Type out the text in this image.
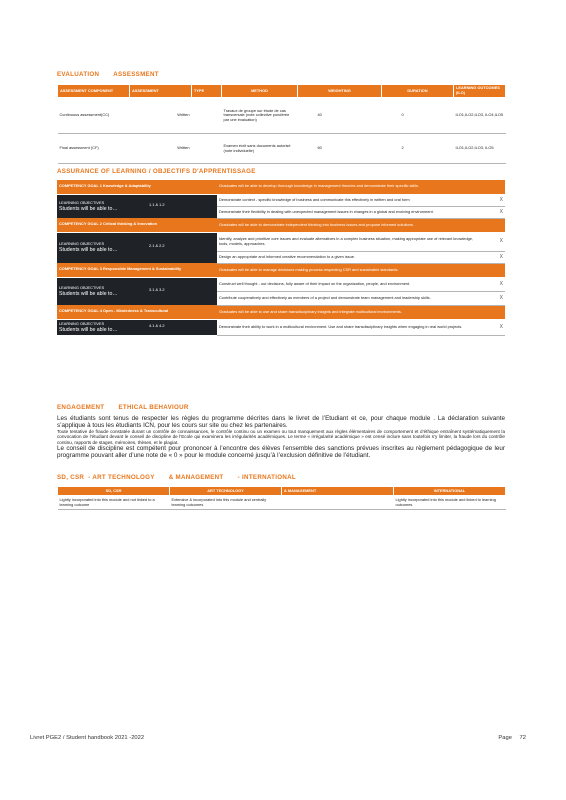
EVALUATION       ASSESSMENT
ASSESSMENT COMPONENT	ASSESSMENT	TYPE	METHOD	WEIGHTING	DURATION	LEARNING OUTCOMES (ILO)
Continuous assessment(CC)	Written		Travaux de groupe sur étude de cas transversale (note collective pondérée par une évaluation)	40	0	ILO1,ILO2,ILO3, ILO4,ILO5
Final assessment (CF)	Written		Examen écrit sans documents autorisé (note individuelle)	60	2	ILO1,ILO2,ILO3, ILO5
ASSURANCE OF LEARNING / OBJECTIFS D'APPRENTISSAGE
COMPETENCY GOAL 1 Knowledge & Adaptability	Graduates will be able to develop thorough knowledge in management theories and demonstrate their specific skills.	

LEARNING OBJECTIVES
Students will be able to…
1.1 & 1.2	Demonstrate context - specific knowledge of business and communicate this effectively in written and oral form	X
	Demonstrate their flexibility in dealing with unexpected management issues in changes in a global and evolving environment.	X
COMPETENCY GOAL 2 Critical thinking & Innovation	Graduates will be able to demonstrate independent thinking into business issues and propose informed solutions.	

LEARNING OBJECTIVES
Students will be able to…
2.1 & 2.2	Identify, analyze and prioritize core issues and evaluate alternatives in a complex business situation, making appropriate use of relevant knowledge, tools, models, approaches.	X
	Design an appropriate and informed creative recommendation to a given issue.	X
COMPETENCY GOAL 3 Responsible Management & Sustainability	Graduates will be able to manage decisions making process respecting CSR and sustainable standards.	

LEARNING OBJECTIVES
Students will be able to…
3.1 & 3.2	Construct well thought - out decisions, fully aware of their impact on the organization, people, and environment.	X
	Contribute cooperatively and effectively as members of a project and demonstrate team management and leadership skills.	X
COMPETENCY GOAL 4 Open - Mindedness & Transcultural	Graduates will be able to use and share transdisciplinary insights and integrate multicultural environments.	

LEARNING OBJECTIVES
Students will be able to…
4.1 & 4.2	Demonstrate their ability to work in a multicultural environment. Use and share transdisciplinary insights when engaging in real world projects.	X
ENGAGEMENT       ETHICAL BEHAVIOUR

Les étudiants sont tenus de respecter les règles du programme décrites dans le livret de l’Etudiant et ce, pour chaque module . La déclaration suivante s’applique à tous les étudiants ICN, pour les cours sur site ou chez les partenaires.

Toute tentative de fraude constatée durant un contrôle de connaissances, le contrôle continu ou un examen ou tout manquement aux règles élémentaires de comportement et d’éthique entraînent systématiquement la convocation de l’étudiant devant le conseil de discipline de l’Ecole qui examinera les irrégularités académiques. Le terme « irrégularité académique » est censé inclure sans toutefois s’y limiter, la fraude lors du contrôle continu, rapports de stages, mémoires, thèses, et le plagiat.

Le conseil de discipline est compétent pour prononcer à l’encontre des élèves l’ensemble des sanctions prévues inscrites au règlement pédagogique de leur programme pouvant aller d’une note de « 0 » pour le module concerné jusqu’à l’exclusion définitive de l’étudiant.

SD, CSR  - ART TECHNOLOGY       & MANAGEMENT       - INTERNATIONAL
SD, CSR	ART TECHNOLOGY	& MANAGEMENT	INTERNATIONAL
Lightly incorporated into this module and not linked to a learning outcome	Extensive & incorporated into this module and centrally learning outcomes		Lightly incorporated into this module and linked to learning outcomes
Livret PGE2 / Student handbook 2021 -2022	Page 72
